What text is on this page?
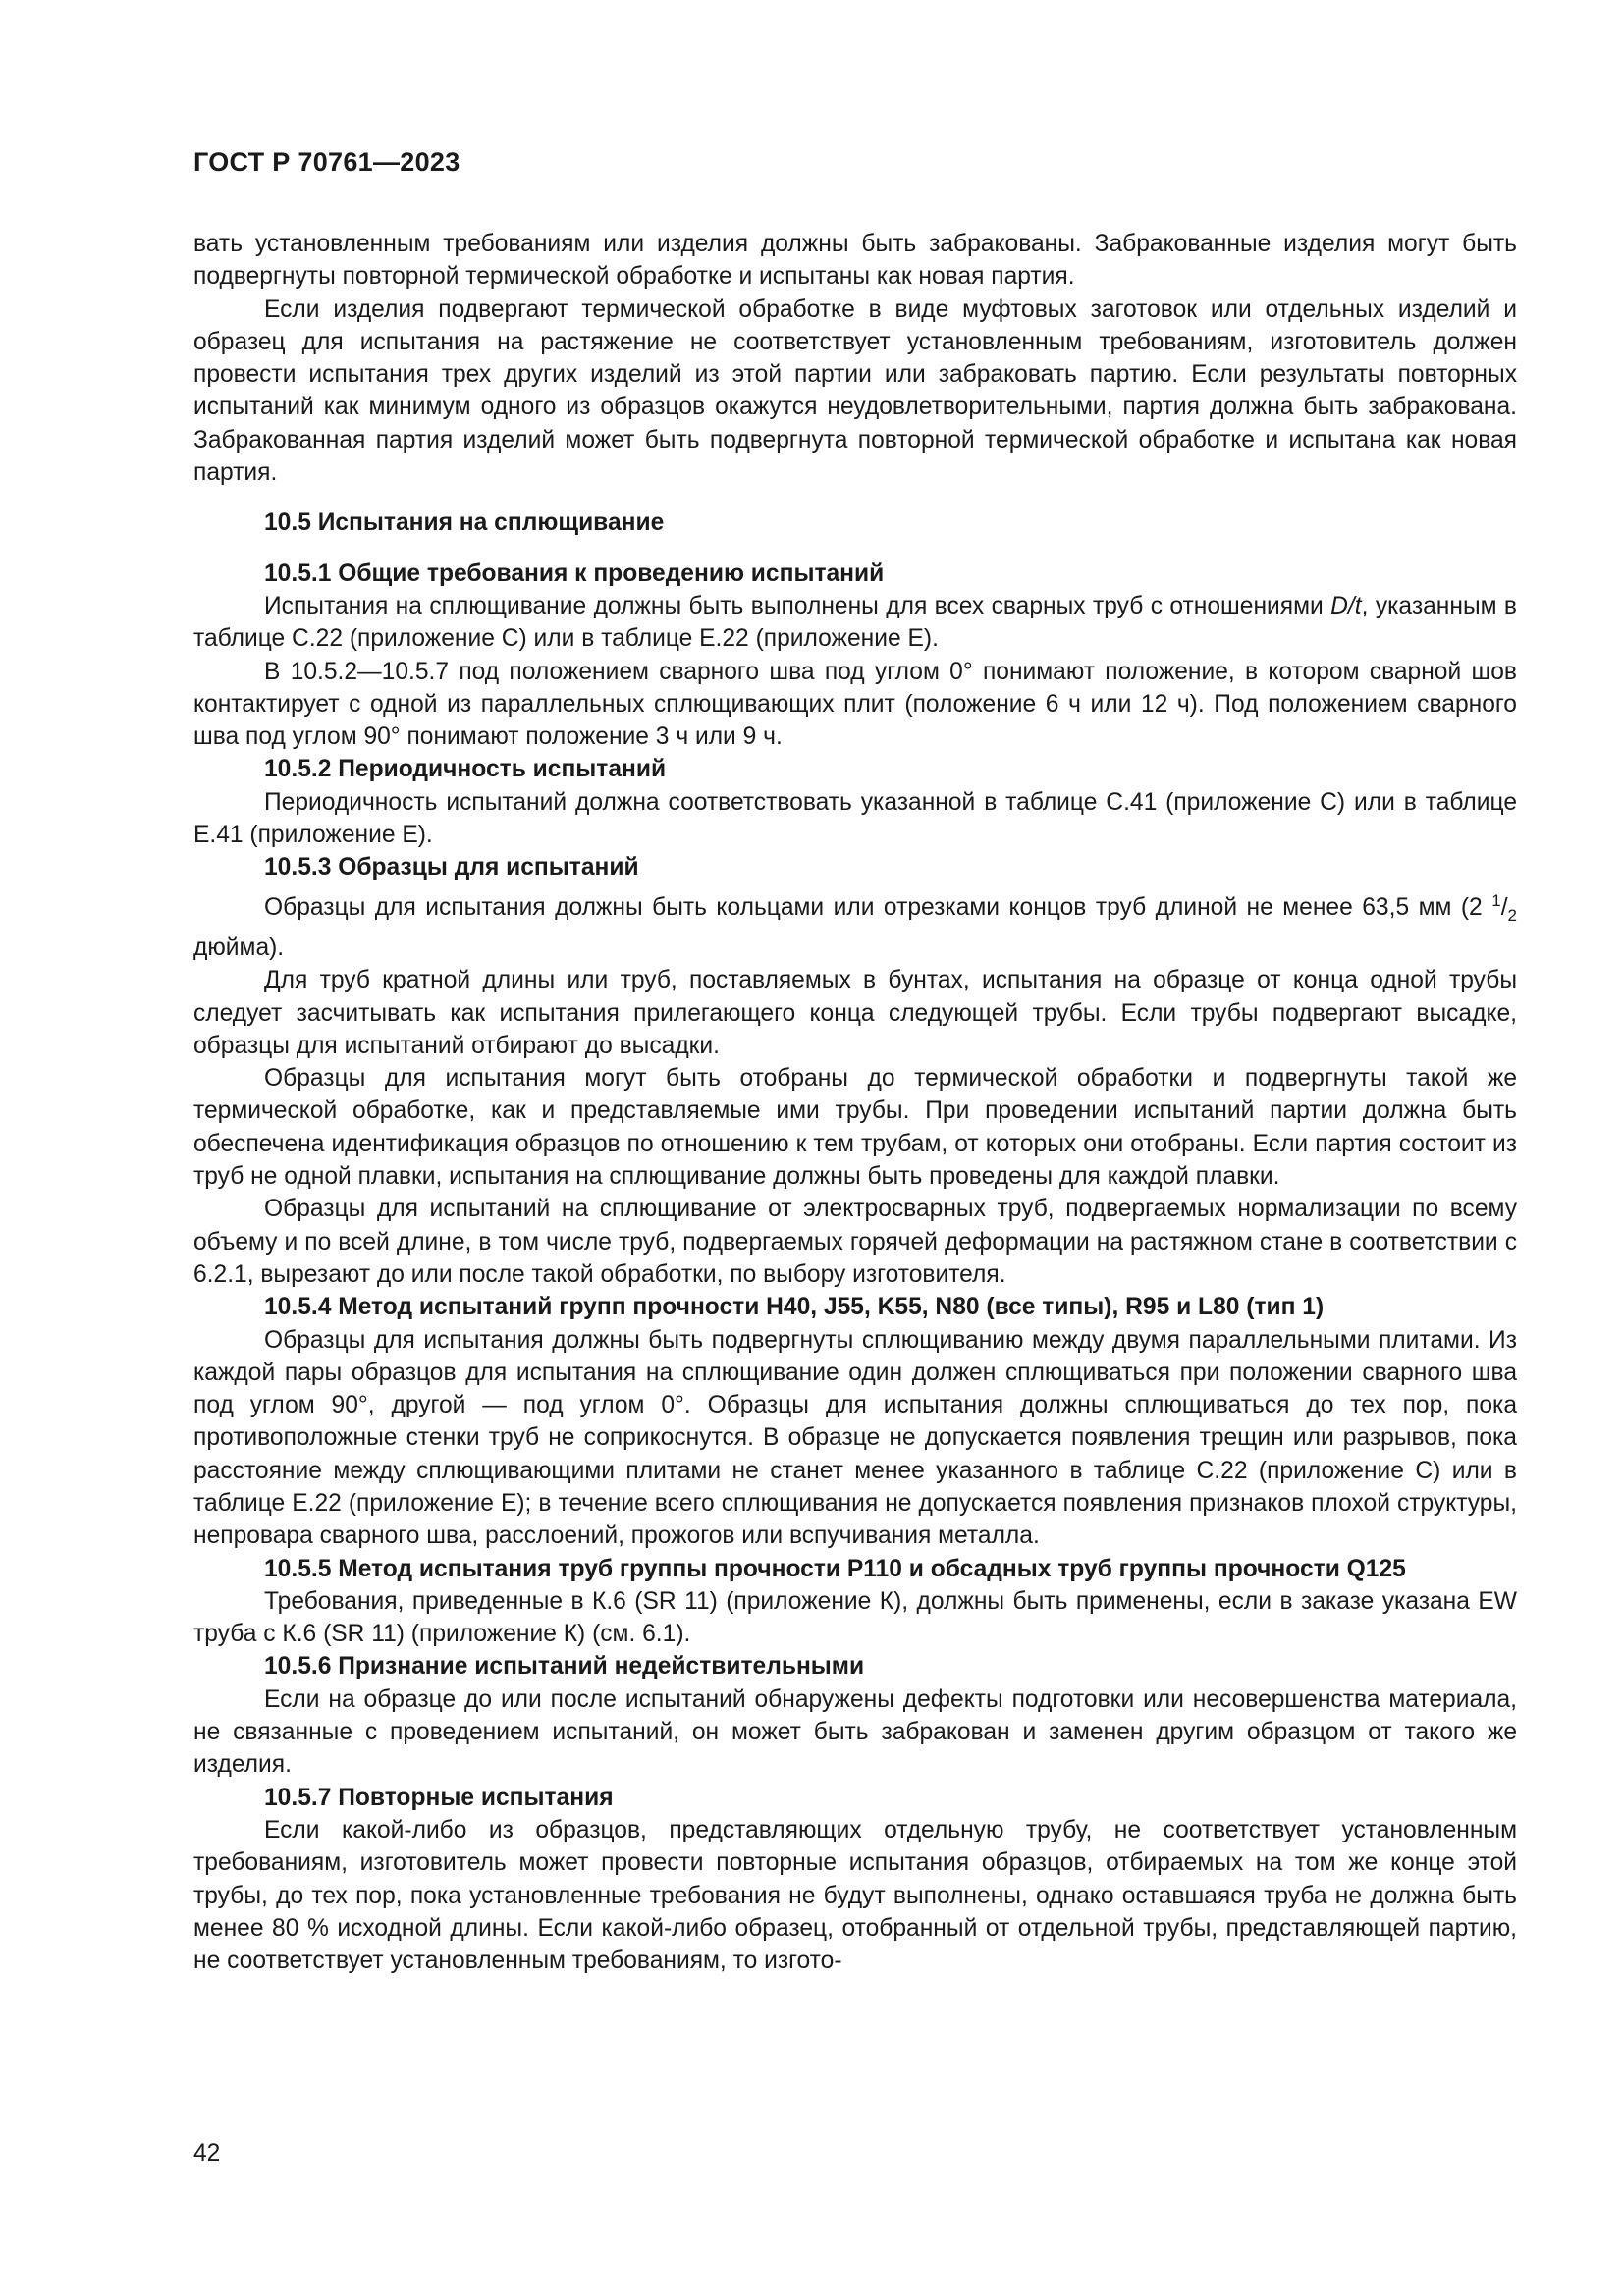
ГОСТ Р 70761—2023

вать установленным требованиям или изделия должны быть забракованы. Забракованные изделия могут быть подвергнуты повторной термической обработке и испытаны как новая партия.

Если изделия подвергают термической обработке в виде муфтовых заготовок или отдельных изделий и образец для испытания на растяжение не соответствует установленным требованиям, изготовитель должен провести испытания трех других изделий из этой партии или забраковать партию. Если результаты повторных испытаний как минимум одного из образцов окажутся неудовлетворительными, партия должна быть забракована. Забракованная партия изделий может быть подвергнута повторной термической обработке и испытана как новая партия.

10.5 Испытания на сплющивание

10.5.1 Общие требования к проведению испытаний

Испытания на сплющивание должны быть выполнены для всех сварных труб с отношениями D/t, указанным в таблице С.22 (приложение С) или в таблице Е.22 (приложение Е).

В 10.5.2—10.5.7 под положением сварного шва под углом 0° понимают положение, в котором сварной шов контактирует с одной из параллельных сплющивающих плит (положение 6 ч или 12 ч). Под положением сварного шва под углом 90° понимают положение 3 ч или 9 ч.

10.5.2 Периодичность испытаний

Периодичность испытаний должна соответствовать указанной в таблице С.41 (приложение С) или в таблице Е.41 (приложение Е).

10.5.3 Образцы для испытаний

Образцы для испытания должны быть кольцами или отрезками концов труб длиной не менее 63,5 мм (2 $^1/_2$ дюйма).

Для труб кратной длины или труб, поставляемых в бунтах, испытания на образце от конца одной трубы следует засчитывать как испытания прилегающего конца следующей трубы. Если трубы подвергают высадке, образцы для испытаний отбирают до высадки.

Образцы для испытания могут быть отобраны до термической обработки и подвергнуты такой же термической обработке, как и представляемые ими трубы. При проведении испытаний партии должна быть обеспечена идентификация образцов по отношению к тем трубам, от которых они отобраны. Если партия состоит из труб не одной плавки, испытания на сплющивание должны быть проведены для каждой плавки.

Образцы для испытаний на сплющивание от электросварных труб, подвергаемых нормализации по всему объему и по всей длине, в том числе труб, подвергаемых горячей деформации на растяжном стане в соответствии с 6.2.1, вырезают до или после такой обработки, по выбору изготовителя.

10.5.4 Метод испытаний групп прочности Н40, J55, K55, N80 (все типы), R95 и L80 (тип 1)

Образцы для испытания должны быть подвергнуты сплющиванию между двумя параллельными плитами. Из каждой пары образцов для испытания на сплющивание один должен сплющиваться при положении сварного шва под углом 90°, другой — под углом 0°. Образцы для испытания должны сплющиваться до тех пор, пока противоположные стенки труб не соприкоснутся. В образце не допускается появления трещин или разрывов, пока расстояние между сплющивающими плитами не станет менее указанного в таблице С.22 (приложение С) или в таблице Е.22 (приложение Е); в течение всего сплющивания не допускается появления признаков плохой структуры, непровара сварного шва, расслоений, прожогов или вспучивания металла.

10.5.5 Метод испытания труб группы прочности Р110 и обсадных труб группы прочности Q125

Требования, приведенные в К.6 (SR 11) (приложение К), должны быть применены, если в заказе указана EW труба с К.6 (SR 11) (приложение К) (см. 6.1).

10.5.6 Признание испытаний недействительными

Если на образце до или после испытаний обнаружены дефекты подготовки или несовершенства материала, не связанные с проведением испытаний, он может быть забракован и заменен другим образцом от такого же изделия.

10.5.7 Повторные испытания

Если какой-либо из образцов, представляющих отдельную трубу, не соответствует установленным требованиям, изготовитель может провести повторные испытания образцов, отбираемых на том же конце этой трубы, до тех пор, пока установленные требования не будут выполнены, однако оставшаяся труба не должна быть менее 80 % исходной длины. Если какой-либо образец, отобранный от отдельной трубы, представляющей партию, не соответствует установленным требованиям, то изгото-

42
